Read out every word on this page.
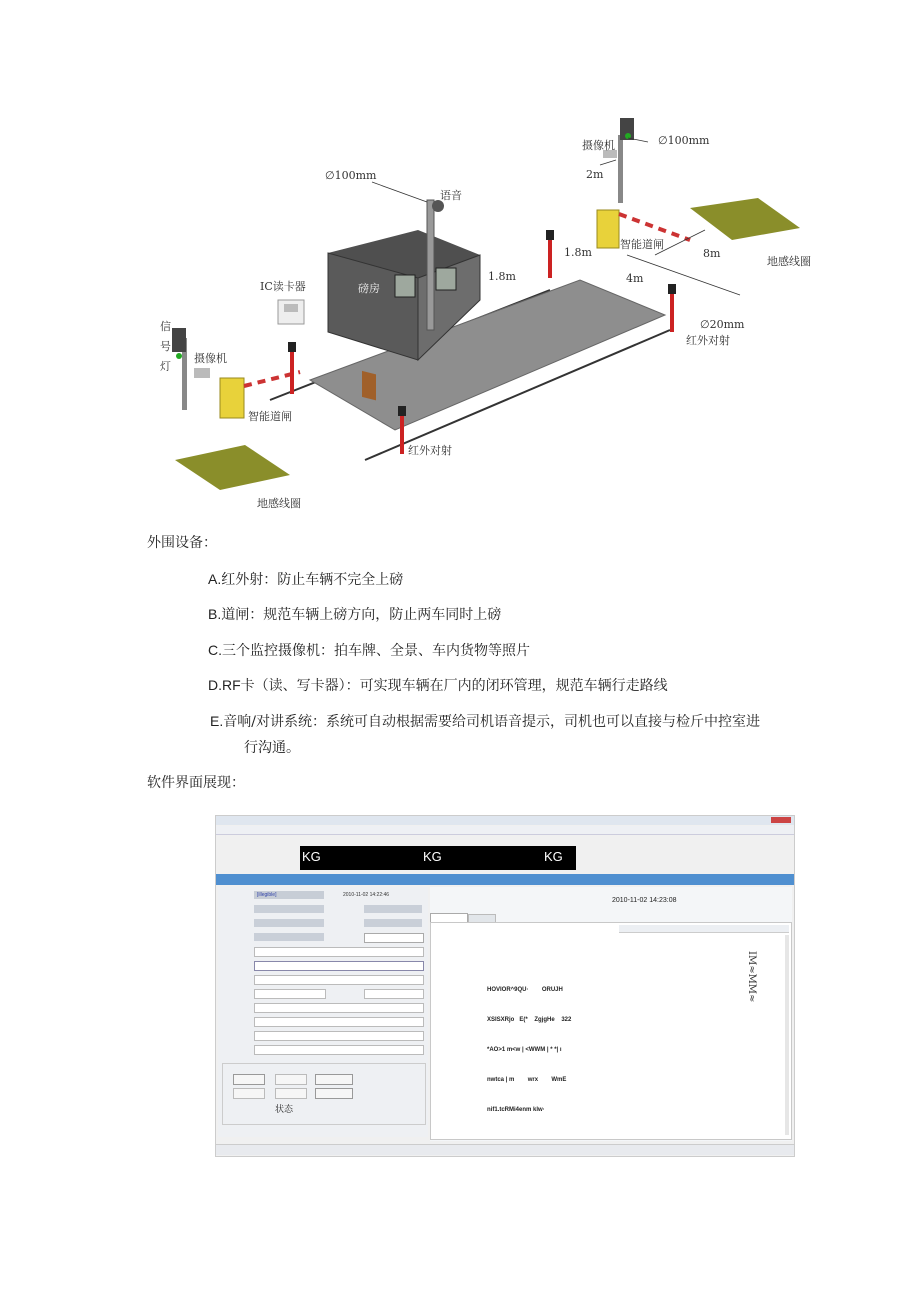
摄像机	∅100mm
2m
∅100mm
语音
1.8m
1.8m
磅房
IC读卡器
智能道闸
8m
4m
地感线圈
∅20mm
红外对射
信
号
灯
摄像机
智能道闸
红外对射
地感线圈
外围设备：
A.红外射：防止车辆不完全上磅
B.道闸：规范车辆上磅方向，防止两车同时上磅
C.三个监控摄像机：拍车牌、全景、车内货物等照片
D.RF卡（读、写卡器）：可实现车辆在厂内的闭环管理，规范车辆行走路线
E.音响/对讲系统：系统可自动根据需要给司机语音提示，司机也可以直接与检斤中控室进
行沟通。
软件界面展现：
KG	KG	KG
[illegible]	2010-11-02 14:22:46
状态
2010-11-02 14:23:08

HOVIOR^9QU·        ORUJH

XSISXRjo   E(*    ZgjgHe    322

*AO>1 m<w | <WWM | * *| ı

nwtca | m        wrx        WmE

nif1.tcRMi4enm klw·

IM≈MM≈
